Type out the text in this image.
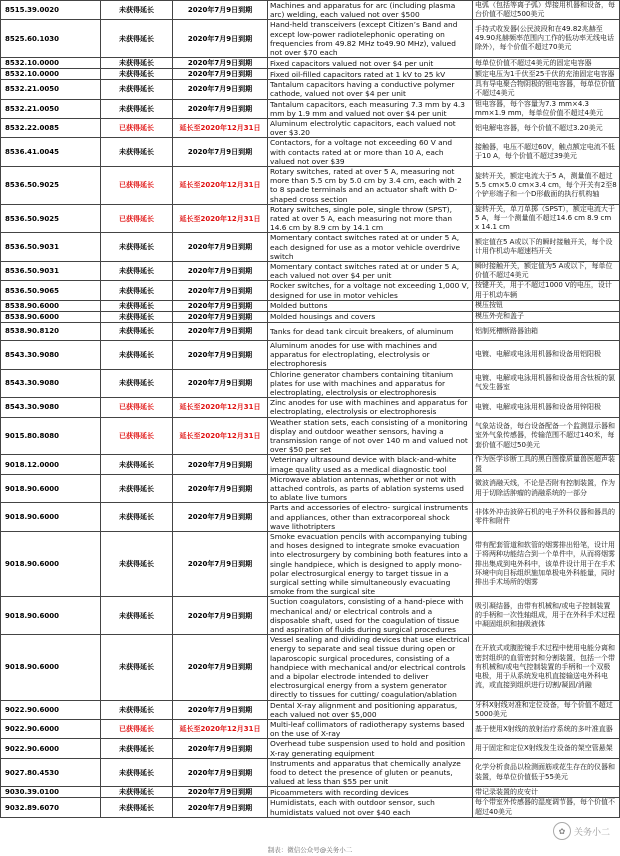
8515.39.0020	未获得延长	2020年7月9日到期	Machines and apparatus for arc (including plasma arc) welding, each valued not over $500	电弧（包括等离子弧）焊接用机器和设备，每台价值不超过500美元
8525.60.1030	未获得延长	2020年7月9日到期	Hand-held transceivers (except Citizen’s Band and except low-power radiotelephonic operating on frequencies from 49.82 MHz to49.90 MHz), valued not over $70 each	手持式收发器(公民波段和在49.82兆赫至49.90兆赫频率范围内工作的低功率无线电话除外），每个价值不超过70美元
8532.10.0000	未获得延长	2020年7月9日到期	Fixed capacitors valued not over $4 per unit	每单位价值不超过4美元的固定电容器
8532.10.0000	未获得延长	2020年7月9日到期	Fixed oil-filled capacitors rated at 1 kV to 25 kV	额定电压为1千伏至25千伏的充油固定电容器
8532.21.0050	未获得延长	2020年7月9日到期	Tantalum capacitors having a conductive polymer cathode, valued not over $4 per unit	具有导电聚合物阴极的钽电容器，每单位价值不超过4美元
8532.21.0050	未获得延长	2020年7月9日到期	Tantalum capacitors, each measuring 7.3 mm by 4.3 mm by 1.9 mm and valued not over $4 per unit	钽电容器，每个容量为7.3 mm×4.3 mm×1.9 mm，每单位价值不超过4美元
8532.22.0085	已获得延长	延长至2020年12月31日	Aluminum electrolytic capacitors, each valued not over $3.20	铝电解电容器，每个价值不超过3.20美元
8536.41.0045	未获得延长	2020年7月9日到期	Contactors, for a voltage not exceeding 60 V and with contacts rated at or more than 10 A, each valued not over $39	接触器，电压不超过60V，触点额定电流不低于10 A，每个价值不超过39美元
8536.50.9025	已获得延长	延长至2020年12月31日	Rotary switches, rated at over 5 A, measuring not more than 5.5 cm by 5.0 cm by 3.4 cm, each with 2 to 8 spade terminals and an actuator shaft with D-shaped cross section	旋转开关，额定电流大于5 A，测量值不超过5.5 cm×5.0 cm×3.4 cm，每个开关有2至8个铲形端子和一个D形截面的执行机构轴
8536.50.9025	已获得延长	延长至2020年12月31日	Rotary switches, single pole, single throw (SPST), rated at over 5 A, each measuring not more than 14.6 cm by 8.9 cm by 14.1 cm	旋转开关，单刀单掷（SPST），额定电流大于5 A，每一个测量值不超过14.6 cm 8.9 cm x 14.1 cm
8536.50.9031	未获得延长	2020年7月9日到期	Momentary contact switches rated at or under 5 A, each designed for use as a motor vehicle overdrive switch	额定值在5 A或以下的瞬时接触开关，每个设计用作机动车超速档开关
8536.50.9031	未获得延长	2020年7月9日到期	Momentary contact switches rated at or under 5 A, each valued not over $4 per unit	瞬时接触开关，额定值为5 A或以下，每单位价值不超过4美元
8536.50.9065	未获得延长	2020年7月9日到期	Rocker switches, for a voltage not exceeding 1,000 V, designed for use in motor vehicles	按键开关，用于不超过1000 V的电压，设计用于机动车辆
8538.90.6000	未获得延长	2020年7月9日到期	Molded buttons	模压按钮
8538.90.6000	未获得延长	2020年7月9日到期	Molded housings and covers	模压外壳和盖子
8538.90.8120	未获得延长	2020年7月9日到期	Tanks for dead tank circuit breakers, of aluminum	铝制死槽断路器油箱
8543.30.9080	未获得延长	2020年7月9日到期	Aluminum anodes for use with machines and apparatus for electroplating, electrolysis or electrophoresis	电镀、电解或电泳用机器和设备用铝阳极
8543.30.9080	未获得延长	2020年7月9日到期	Chlorine generator chambers containing titanium plates for use with machines and apparatus for electroplating, electrolysis or electrophoresis	电镀、电解或电泳用机器和设备用含钛板的氯气发生器室
8543.30.9080	已获得延长	延长至2020年12月31日	Zinc anodes for use with machines and apparatus for electroplating, electrolysis or electrophoresis	电镀、电解或电泳用机器和设备用锌阳极
9015.80.8080	已获得延长	延长至2020年12月31日	Weather station sets, each consisting of a monitoring display and outdoor weather sensors, having a transmission range of not over 140 m and valued not over $50 per set	气象站设备，每台设备配备一个监测显示器和室外气象传感器，传输范围不超过140米，每套价值不超过50美元
9018.12.0000	未获得延长	2020年7月9日到期	Veterinary ultrasound device with black-and-white image quality used as a medical diagnostic tool	作为医学诊断工具的黑白图像质量兽医超声装置
9018.90.6000	未获得延长	2020年7月9日到期	Microwave ablation antennas, whether or not with attached controls, as parts of ablation systems used to ablate live tumors	微波消融天线，不论是否附有控制装置，作为用于切除活肿瘤的消融系统的一部分
9018.90.6000	未获得延长	2020年7月9日到期	Parts and accessories of electro- surgical instruments and appliances, other than extracorporeal shock wave lithotripters	非体外冲击波碎石机的电子外科仪器和器具的零件和附件
9018.90.6000	未获得延长	2020年7月9日到期	Smoke evacuation pencils with accompanying tubing and hoses designed to integrate smoke evacuation into electrosurgery by combining both features into a single handpiece, which is designed to apply mono-polar electrosurgical energy to target tissue in a surgical setting while simultaneously evacuating smoke from the surgical site	带有配套管道和软管的烟雾排出铅笔，设计用于将两种功能结合到一个单件中，从而将烟雾排出集成到电外科中，该单件设计用于在手术环境中向目标组织施加单极电外科能量，同时排出手术场所的烟雾
9018.90.6000	未获得延长	2020年7月9日到期	Suction coagulators, consisting of a hand-piece with mechanical and/ or electrical controls and a disposable shaft, used for the coagulation of tissue and aspiration of fluids during surgical procedures	吸引凝结器，由带有机械和/或电子控制装置的手柄和一次性轴组成，用于在外科手术过程中凝固组织和抽吸液体
9018.90.6000	未获得延长	2020年7月9日到期	Vessel sealing and dividing devices that use electrical energy to separate and seal tissue during open or laparoscopic surgical procedures, consisting of a handpiece with mechanical and/or electrical controls and a bipolar electrode intended to deliver electrosurgical energy from a system generator directly to tissues for cutting/ coagulation/ablation	在开放式或腹腔镜手术过程中使用电能分离和密封组织的血管密封和分割装置，包括一个带有机械和/或电气控制装置的手柄和一个双极电极，用于从系统发电机直接输送电外科电流，或直接到组织进行切割/凝固/消融
9022.90.6000	未获得延长	2020年7月9日到期	Dental X-ray alignment and positioning apparatus, each valued not over $5,000	牙科X射线对准和定位设备，每个价值不超过5000美元
9022.90.6000	已获得延长	延长至2020年12月31日	Multi-leaf collimators of radiotherapy systems based on the use of X-ray	基于使用X射线的放射治疗系统的多叶准直器
9022.90.6000	未获得延长	2020年7月9日到期	Overhead tube suspension used to hold and position X-ray generating equipment	用于固定和定位X射线发生设备的架空管悬架
9027.80.4530	未获得延长	2020年7月9日到期	Instruments and apparatus that chemically analyze food to detect the presence of gluten or peanuts, valued at less than $55 per unit	化学分析食品以检测面筋或花生存在的仪器和装置，每单位价值低于55美元
9030.39.0100	未获得延长	2020年7月9日到期	Picoammeters with recording devices	带记录装置的皮安计
9032.89.6070	未获得延长	2020年7月9日到期	Humidistats, each with outdoor sensor, such humidistats valued not over $40 each	每个带室外传感器的湿度调节器，每个价值不超过40美元
✿ 关务小二
制表：微信公众号@关务小二
